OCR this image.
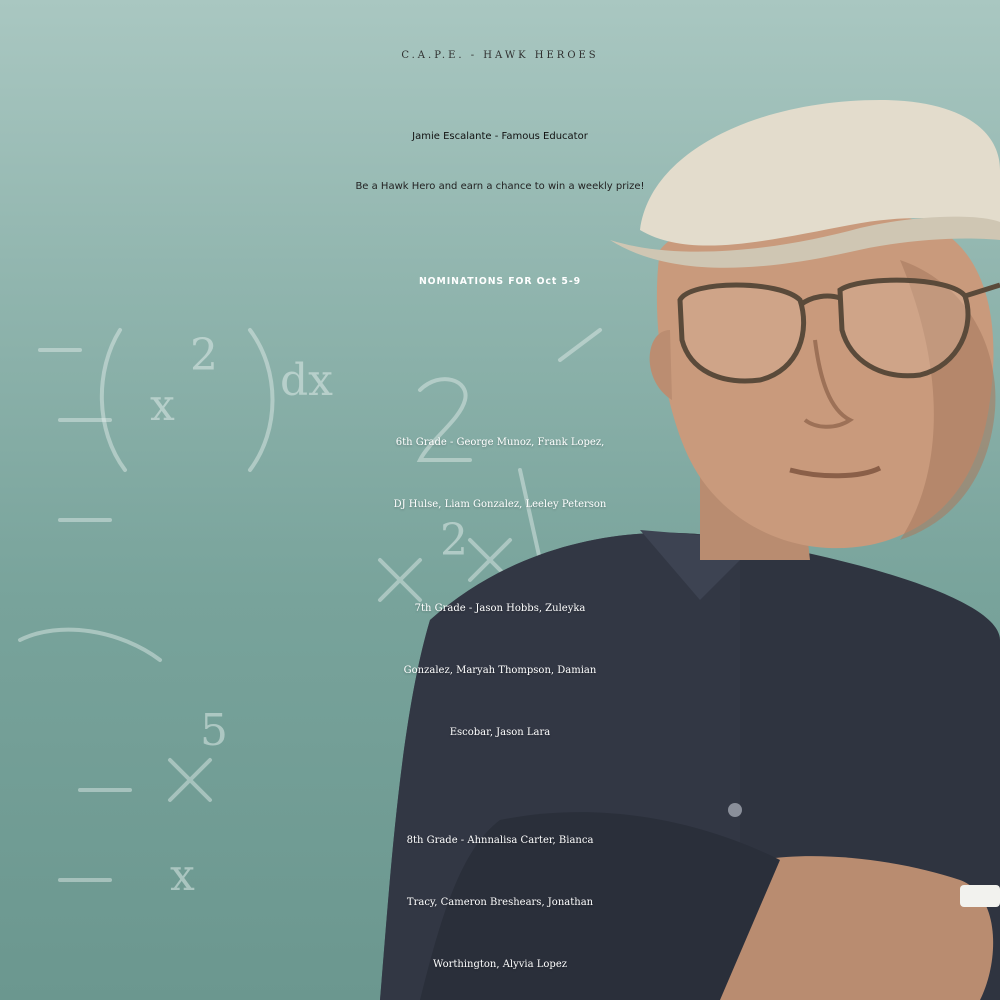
dx
x
2
5
x
2
C.A.P.E. - HAWK HEROES
Jamie Escalante - Famous Educator
Be a Hawk Hero and earn a chance to win a weekly prize!
NOMINATIONS FOR Oct 5-9
6th Grade - George Munoz, Frank Lopez,
DJ Hulse, Liam Gonzalez, Leeley Peterson
7th Grade - Jason Hobbs, Zuleyka
Gonzalez, Maryah Thompson, Damian
Escobar, Jason Lara
8th Grade - Ahnnalisa Carter, Bianca
Tracy, Cameron Breshears, Jonathan
Worthington, Alyvia Lopez
